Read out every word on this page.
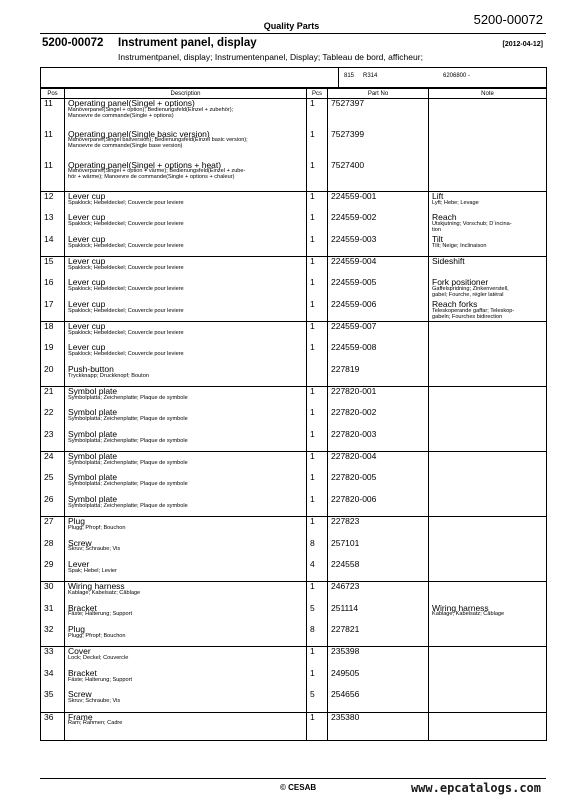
Quality Parts	5200-00072
5200-00072 Instrument panel, display	[2012-04-12]
Instrumentpanel, display; Instrumentenpanel, Display; Tableau de bord, afficheur;
815 R314	6206800 -
Pos	Description	Pcs	Part No	Note
11	Operating panel(Singel + options)
Manöverpanel(Singel + option); Bedienungsfeld(Einzel + zubehör);
Manoevre de commande(Single + options)	1	7527397	
11	Operating panel(Single basic version)
Manöverpanel(Singel basversion); Bedienungsfeld(Einzel basic version);
Manoevre de commande(Single base version)	1	7527399	
11	Operating panel(Singel + options + heat)
Manöverpanel(Singel + option + värme); Bedienungsfeld(Einzel + zube-
hör + wärme); Manoevre de commande(Single + options + chaleur)	1	7527400	
12	Lever cup
Spaklock; Hebeldeckel; Couvercle pour leviere	1	224559-001	Lift
Lyft; Hebe; Levage

13	Lever cup
Spaklock; Hebeldeckel; Couvercle pour leviere	1	224559-002	Reach
Utskjutning; Vorschub; D´incina-
tion

14	Lever cup
Spaklock; Hebeldeckel; Couvercle pour leviere	1	224559-003	Tilt
Tilt; Neige; Inclinaison

15	Lever cup
Spaklock; Hebeldeckel; Couvercle pour leviere	1	224559-004	Sideshift

16	Lever cup
Spaklock; Hebeldeckel; Couvercle pour leviere	1	224559-005	Fork positioner
Gaffelspridning; Zinkenverstell,
gabel; Fourche, régler latéral

17	Lever cup
Spaklock; Hebeldeckel; Couvercle pour leviere	1	224559-006	Reach forks
Teleskoperande gaffar; Teleskop-
gabeln; Fourches bidirection

18	Lever cup
Spaklock; Hebeldeckel; Couvercle pour leviere	1	224559-007	
19	Lever cup
Spaklock; Hebeldeckel; Couvercle pour leviere	1	224559-008	
20	Push-button
Tryckknapp; Druckknopf; Bouton		227819	
21	Symbol plate
Symbolplatta; Zeichenplatte; Plaque de symbole	1	227820-001	
22	Symbol plate
Symbolplatta; Zeichenplatte; Plaque de symbole	1	227820-002	
23	Symbol plate
Symbolplatta; Zeichenplatte; Plaque de symbole	1	227820-003	
24	Symbol plate
Symbolplatta; Zeichenplatte; Plaque de symbole	1	227820-004	
25	Symbol plate
Symbolplatta; Zeichenplatte; Plaque de symbole	1	227820-005	
26	Symbol plate
Symbolplatta; Zeichenplatte; Plaque de symbole	1	227820-006	
27	Plug
Plugg; Pfropf; Bouchon	1	227823	
28	Screw
Skruv; Schraube; Vis	8	257101	
29	Lever
Spak; Hebel; Levier	4	224558	
30	Wiring harness
Kablage; Kabelsatz; Câblage	1	246723	
31	Bracket
Fäste; Halterung; Support	5	251114	Wiring harness
Kablage; Kabelsatz; Câblage

32	Plug
Plugg; Pfropf; Bouchon	8	227821	
33	Cover
Lock; Deckel; Couvercle	1	235398	
34	Bracket
Fäste; Halterung; Support	1	249505	
35	Screw
Skruv; Schraube; Vis	5	254656	
36	Frame
Ram; Rahmen; Cadre	1	235380	
© CESAB	www.epcatalogs.com
